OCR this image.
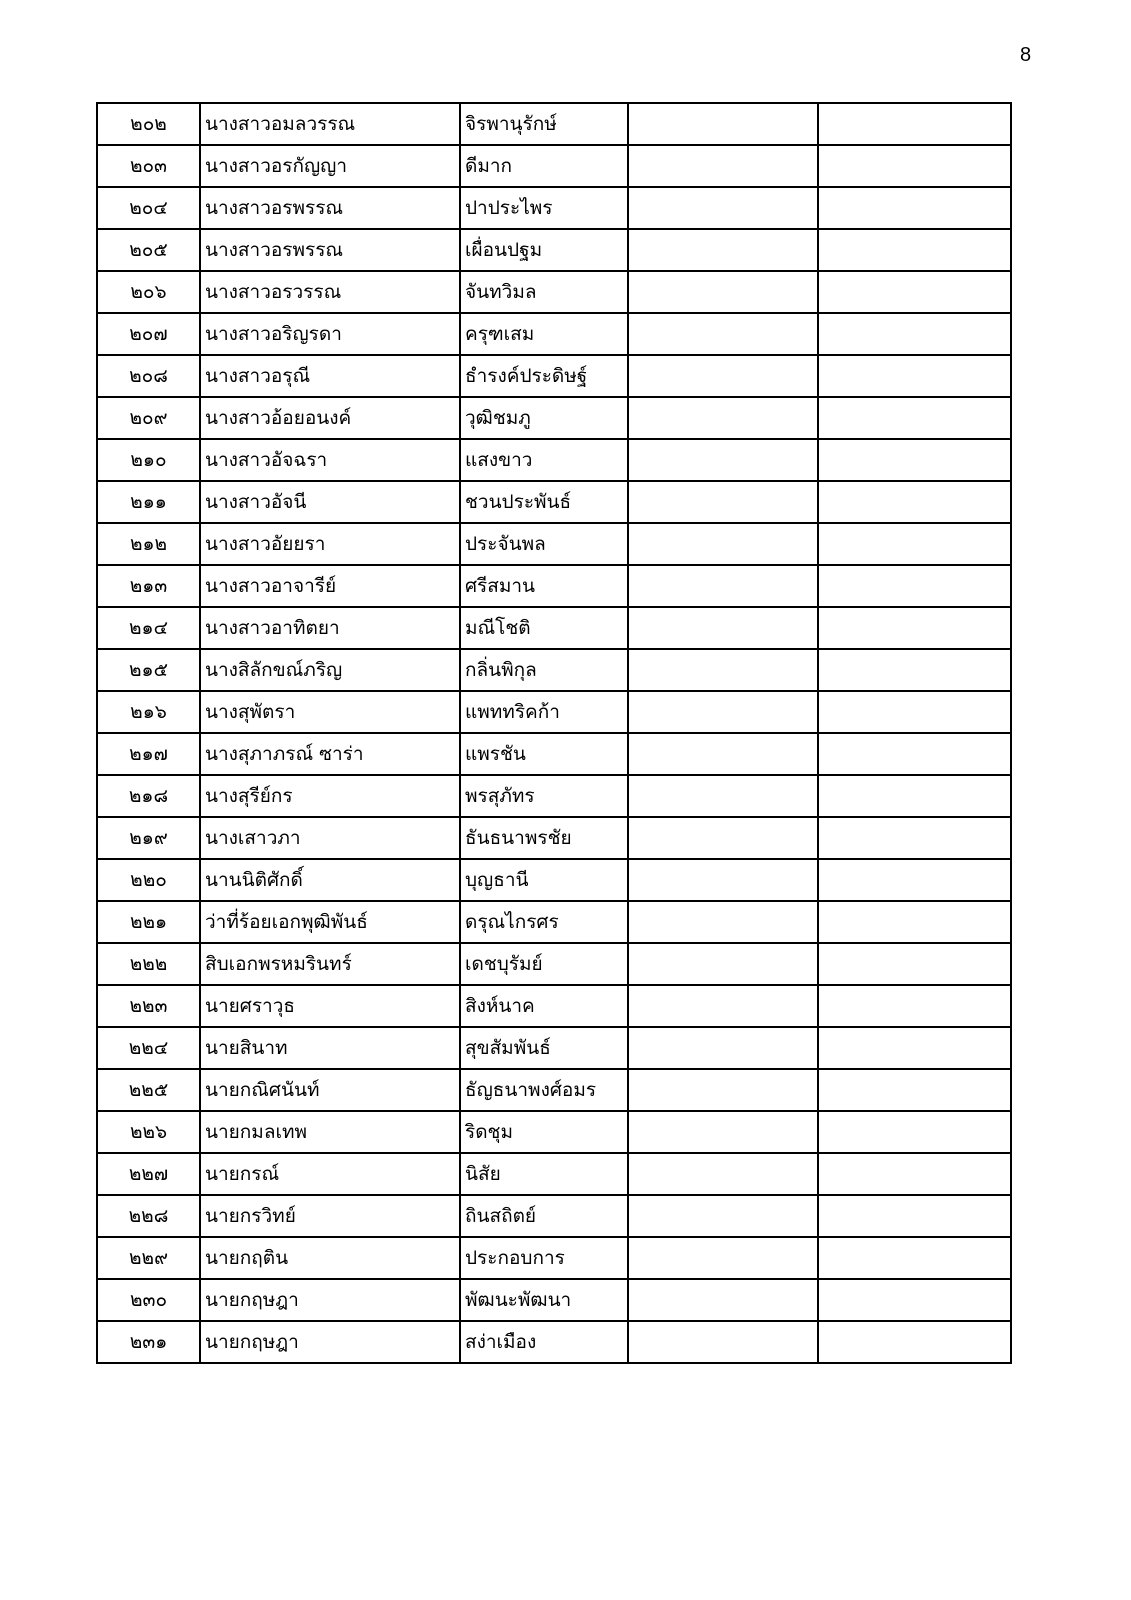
8
๒๐๒	นางสาวอมลวรรณ	จิรพานุรักษ์		
๒๐๓	นางสาวอรกัญญา	ดีมาก		
๒๐๔	นางสาวอรพรรณ	ปาประไพร		
๒๐๕	นางสาวอรพรรณ	เผื่อนปฐม		
๒๐๖	นางสาวอรวรรณ	จันทวิมล		
๒๐๗	นางสาวอริญรดา	ครุฑเสม		
๒๐๘	นางสาวอรุณี	ธำรงค์ประดิษฐ์		
๒๐๙	นางสาวอ้อยอนงค์	วุฒิชมภู		
๒๑๐	นางสาวอัจฉรา	แสงขาว		
๒๑๑	นางสาวอัจนี	ชวนประพันธ์		
๒๑๒	นางสาวอัยยรา	ประจันพล		
๒๑๓	นางสาวอาจารีย์	ศรีสมาน		
๒๑๔	นางสาวอาทิตยา	มณีโชติ		
๒๑๕	นางสิลักขณ์ภริญ	กลิ่นพิกุล		
๒๑๖	นางสุพัตรา	แพททริคก้า		
๒๑๗	นางสุภาภรณ์ ซาร่า	แพรชัน		
๒๑๘	นางสุรีย์กร	พรสุภัทร		
๒๑๙	นางเสาวภา	ธันธนาพรชัย		
๒๒๐	นานนิติศักดิ์	บุญธานี		
๒๒๑	ว่าที่ร้อยเอกพุฒิพันธ์	ดรุณไกรศร		
๒๒๒	สิบเอกพรหมรินทร์	เดชบุรัมย์		
๒๒๓	นายศราวุธ	สิงห์นาค		
๒๒๔	นายสินาท	สุขสัมพันธ์		
๒๒๕	นายกณิศนันท์	ธัญธนาพงศ์อมร		
๒๒๖	นายกมลเทพ	ริดชุม		
๒๒๗	นายกรณ์	นิสัย		
๒๒๘	นายกรวิทย์	ถินสถิตย์		
๒๒๙	นายกฤติน	ประกอบการ		
๒๓๐	นายกฤษฎา	พัฒนะพัฒนา		
๒๓๑	นายกฤษฎา	สง่าเมือง		
